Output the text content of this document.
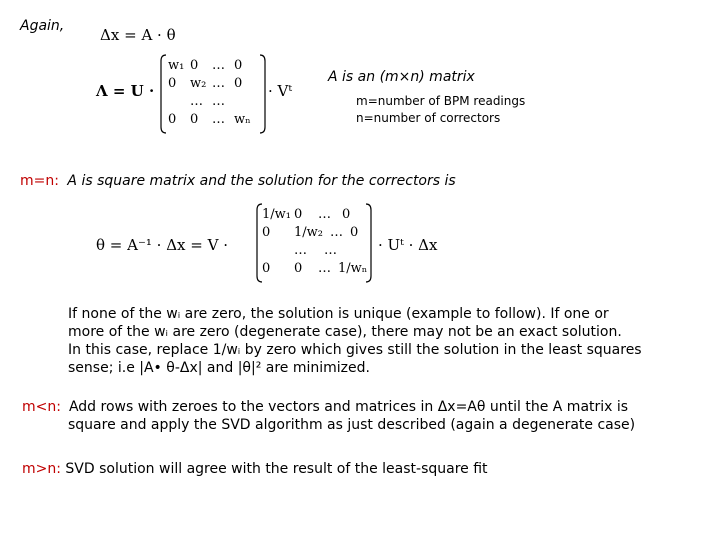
Again, Δx = A · θ
Λ = U ·
w₁ 0 … 0
0 w₂ … 0
… …
0 0 … wₙ
· Vᵗ
A is an (m×n) matrix
m=number of BPM readings
n=number of correctors
m=n: A is square matrix and the solution for the correctors is
θ = A⁻¹ · Δx = V ·
1/w₁ 0 … 0
0 1/w₂ … 0
… …
0 0 … 1/wₙ
· Uᵗ · Δx
If none of the wᵢ are zero, the solution is unique (example to follow). If one or
more of the wᵢ are zero (degenerate case), there may not be an exact solution.
In this case, replace 1/wᵢ by zero which gives still the solution in the least squares
sense; i.e |A• θ-Δx| and |θ|² are minimized.
m<n: Add rows with zeroes to the vectors and matrices in Δx=Aθ until the A matrix is
square and apply the SVD algorithm as just described (again a degenerate case)
m>n: SVD solution will agree with the result of the least-square fit
